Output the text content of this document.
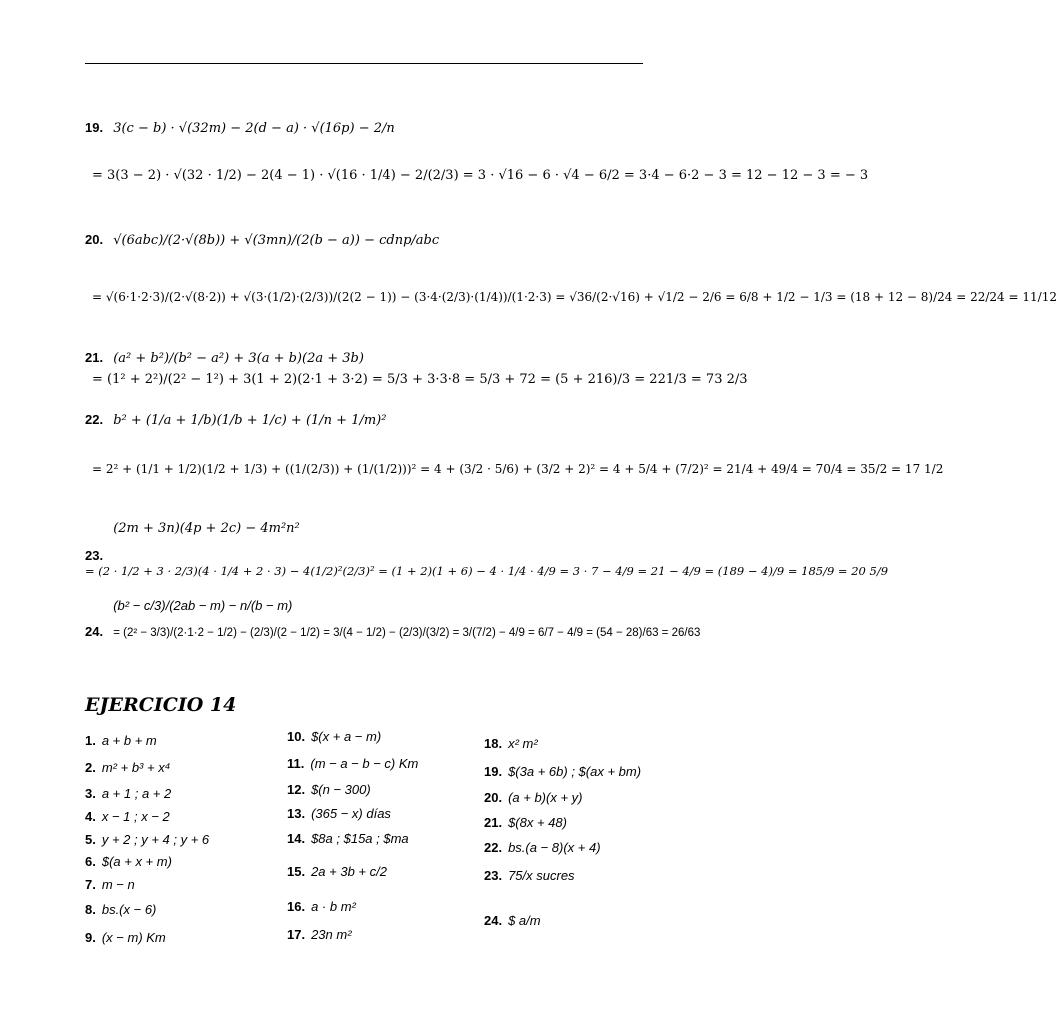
19. 3(c − b) · √(32m) − 2(d − a) · √(16p) − 2/n
= 3(3 − 2) · √(32 · 1/2) − 2(4 − 1) · √(16 · 1/4) − 2/(2/3) = 3 · √16 − 6 · √4 − 6/2 = 3·4 − 6·2 − 3 = 12 − 12 − 3 = − 3
20. √(6abc)/(2·√(8b)) + √(3mn)/(2(b − a)) − cdnp/abc
= √(6·1·2·3)/(2·√(8·2)) + √(3·(1/2)·(2/3))/(2(2 − 1)) − (3·4·(2/3)·(1/4))/(1·2·3) = √36/(2·√16) + √1/2 − 2/6 = 6/8 + 1/2 − 1/3 = (18 + 12 − 8)/24 = 22/24 = 11/12
21. (a² + b²)/(b² − a²) + 3(a + b)(2a + 3b)
= (1² + 2²)/(2² − 1²) + 3(1 + 2)(2·1 + 3·2) = 5/3 + 3·3·8 = 5/3 + 72 = (5 + 216)/3 = 221/3 = 73 2/3
22. b² + (1/a + 1/b)(1/b + 1/c) + (1/n + 1/m)²
= 2² + (1/1 + 1/2)(1/2 + 1/3) + ((1/(2/3)) + (1/(1/2)))² = 4 + (3/2 · 5/6) + (3/2 + 2)² = 4 + 5/4 + (7/2)² = 21/4 + 49/4 = 70/4 = 35/2 = 17 1/2
(2m + 3n)(4p + 2c) − 4m²n²
23. = (2 · 1/2 + 3 · 2/3)(4 · 1/4 + 2 · 3) − 4(1/2)²(2/3)² = (1 + 2)(1 + 6) − 4 · 1/4 · 4/9 = 3 · 7 − 4/9 = 21 − 4/9 = (189 − 4)/9 = 185/9 = 20 5/9
(b² − c/3)/(2ab − m) − n/(b − m)
24. = (2² − 3/3)/(2·1·2 − 1/2) − (2/3)/(2 − 1/2) = 3/(4 − 1/2) − (2/3)/(3/2) = 3/(7/2) − 4/9 = 6/7 − 4/9 = (54 − 28)/63 = 26/63
EJERCICIO 14
1. a + b + m
2. m² + b³ + x⁴
3. a + 1 ; a + 2
4. x − 1 ; x − 2
5. y + 2 ; y + 4 ; y + 6
6. $(a + x + m)
7. m − n
8. bs.(x − 6)
9. (x − m) Km
10. $(x + a − m)
11. (m − a − b − c) Km
12. $(n − 300)
13. (365 − x) días
14. $8a ; $15a ; $ma
15. 2a + 3b + c/2
16. a · b m²
17. 23n m²
18. x² m²
19. $(3a + 6b) ; $(ax + bm)
20. (a + b)(x + y)
21. $(8x + 48)
22. bs.(a − 8)(x + 4)
23. 75/x sucres
24. $ a/m
